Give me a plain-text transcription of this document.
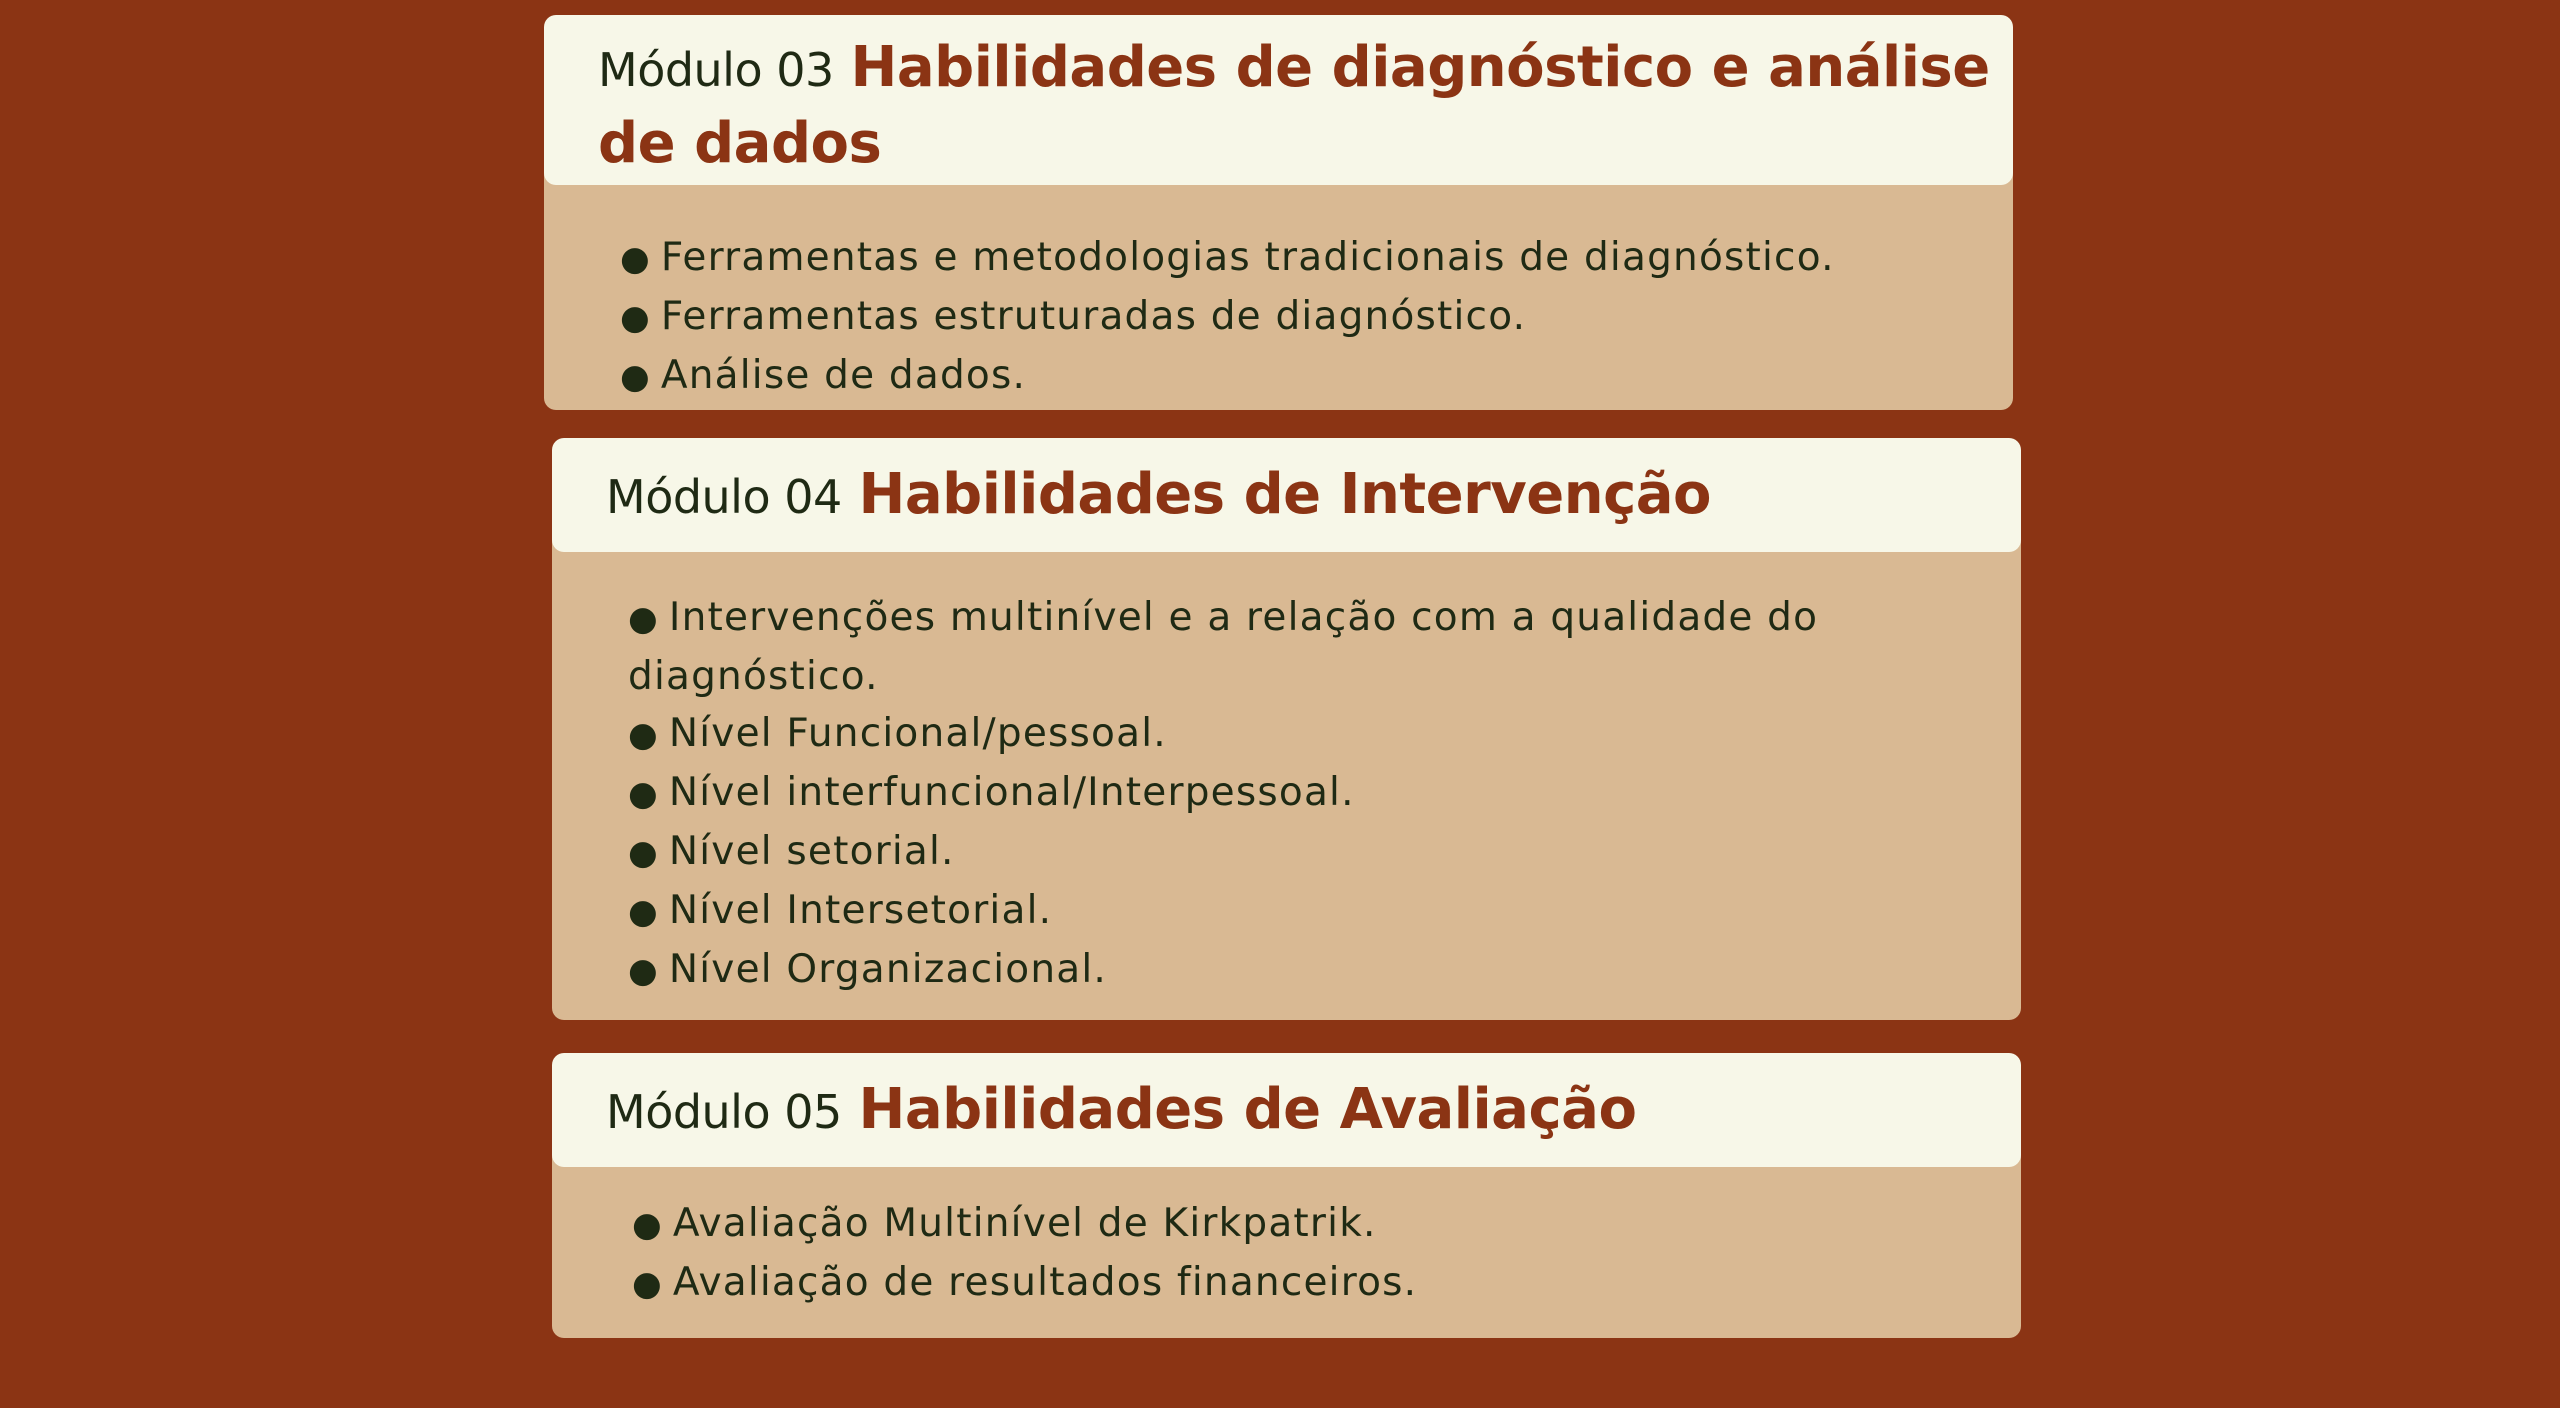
● Ferramentas e metodologias tradicionais de diagnóstico.
● Ferramentas estruturadas de diagnóstico.
● Análise de dados.
Módulo 03 Habilidades de diagnóstico e análise de dados
● Intervenções multinível e a relação com a qualidade do diagnóstico.
● Nível Funcional/pessoal.
● Nível interfuncional/Interpessoal.
● Nível setorial.
● Nível Intersetorial.
● Nível Organizacional.
Módulo 04 Habilidades de Intervenção
● Avaliação Multinível de Kirkpatrik.
● Avaliação de resultados financeiros.
Módulo 05 Habilidades de Avaliação
